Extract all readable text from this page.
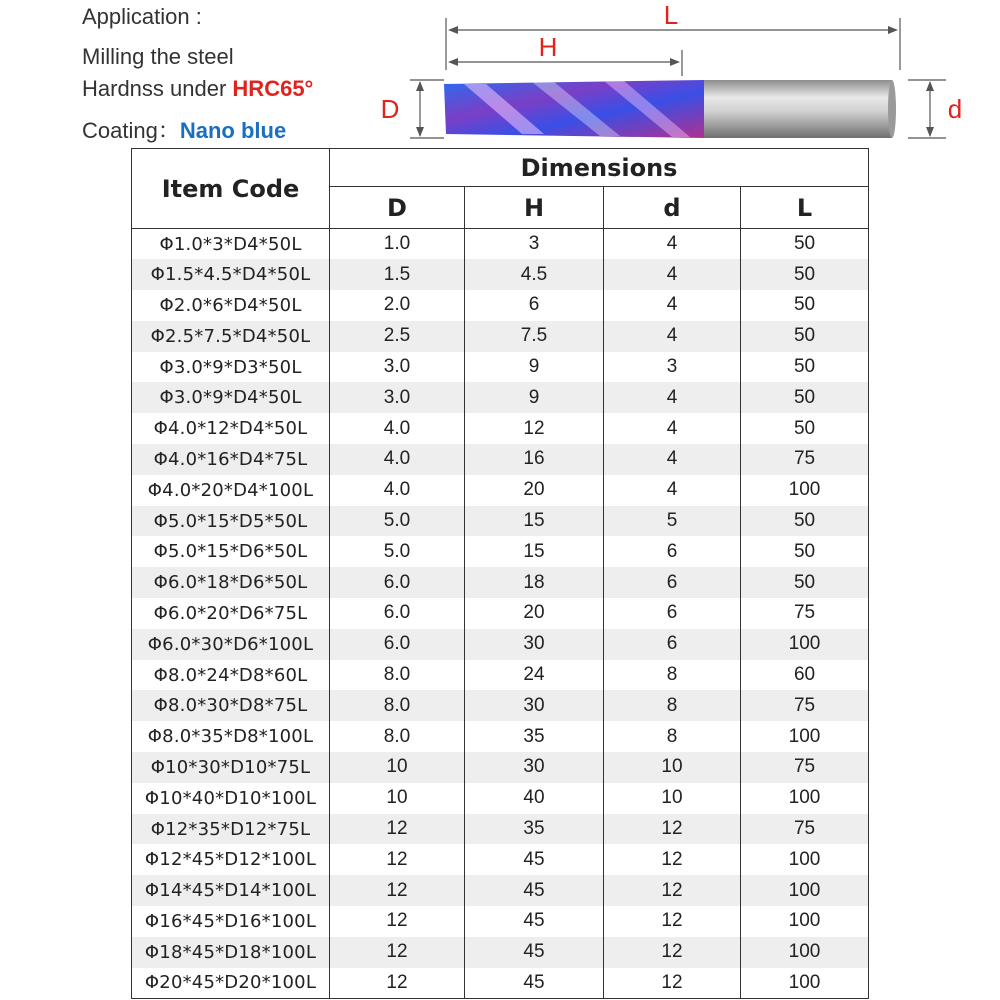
Application :
Milling the steel
Hardnss under HRC65°
Coating：Nano blue
L
H
D	d
Item Code	Dimensions			
	D	H	d	L
Φ1.0*3*D4*50L	1.0	3	4	50
Φ1.5*4.5*D4*50L	1.5	4.5	4	50
Φ2.0*6*D4*50L	2.0	6	4	50
Φ2.5*7.5*D4*50L	2.5	7.5	4	50
Φ3.0*9*D3*50L	3.0	9	3	50
Φ3.0*9*D4*50L	3.0	9	4	50
Φ4.0*12*D4*50L	4.0	12	4	50
Φ4.0*16*D4*75L	4.0	16	4	75
Φ4.0*20*D4*100L	4.0	20	4	100
Φ5.0*15*D5*50L	5.0	15	5	50
Φ5.0*15*D6*50L	5.0	15	6	50
Φ6.0*18*D6*50L	6.0	18	6	50
Φ6.0*20*D6*75L	6.0	20	6	75
Φ6.0*30*D6*100L	6.0	30	6	100
Φ8.0*24*D8*60L	8.0	24	8	60
Φ8.0*30*D8*75L	8.0	30	8	75
Φ8.0*35*D8*100L	8.0	35	8	100
Φ10*30*D10*75L	10	30	10	75
Φ10*40*D10*100L	10	40	10	100
Φ12*35*D12*75L	12	35	12	75
Φ12*45*D12*100L	12	45	12	100
Φ14*45*D14*100L	12	45	12	100
Φ16*45*D16*100L	12	45	12	100
Φ18*45*D18*100L	12	45	12	100
Φ20*45*D20*100L	12	45	12	100
